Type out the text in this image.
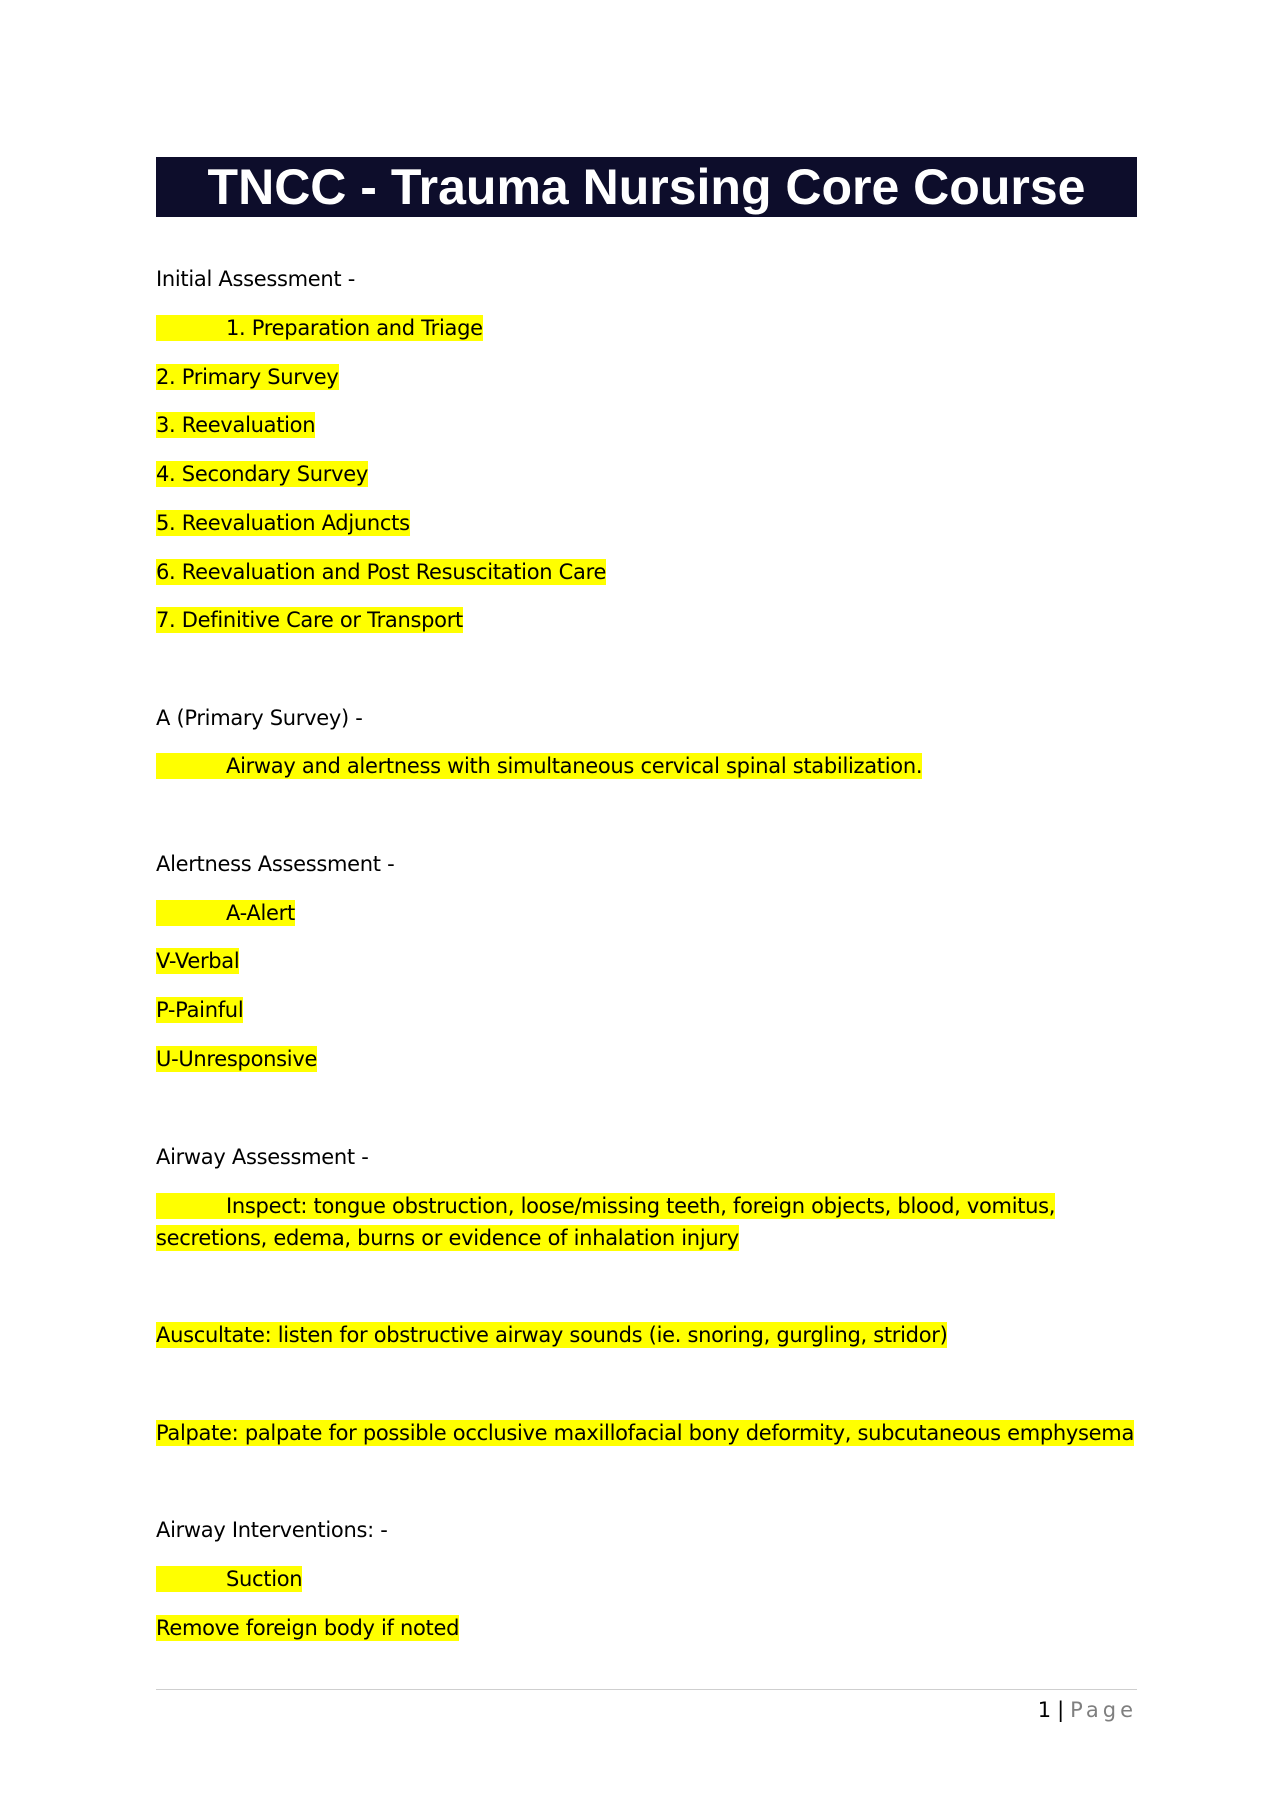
TNCC - Trauma Nursing Core Course
Initial Assessment -
1. Preparation and Triage
2. Primary Survey
3. Reevaluation
4. Secondary Survey
5. Reevaluation Adjuncts
6. Reevaluation and Post Resuscitation Care
7. Definitive Care or Transport
A (Primary Survey) -
Airway and alertness with simultaneous cervical spinal stabilization.
Alertness Assessment -
A-Alert
V-Verbal
P-Painful
U-Unresponsive
Airway Assessment -
Inspect: tongue obstruction, loose/missing teeth, foreign objects, blood, vomitus, secretions, edema, burns or evidence of inhalation injury
Auscultate: listen for obstructive airway sounds (ie. snoring, gurgling, stridor)
Palpate: palpate for possible occlusive maxillofacial bony deformity, subcutaneous emphysema
Airway Interventions: -
Suction
Remove foreign body if noted
1 | Page
